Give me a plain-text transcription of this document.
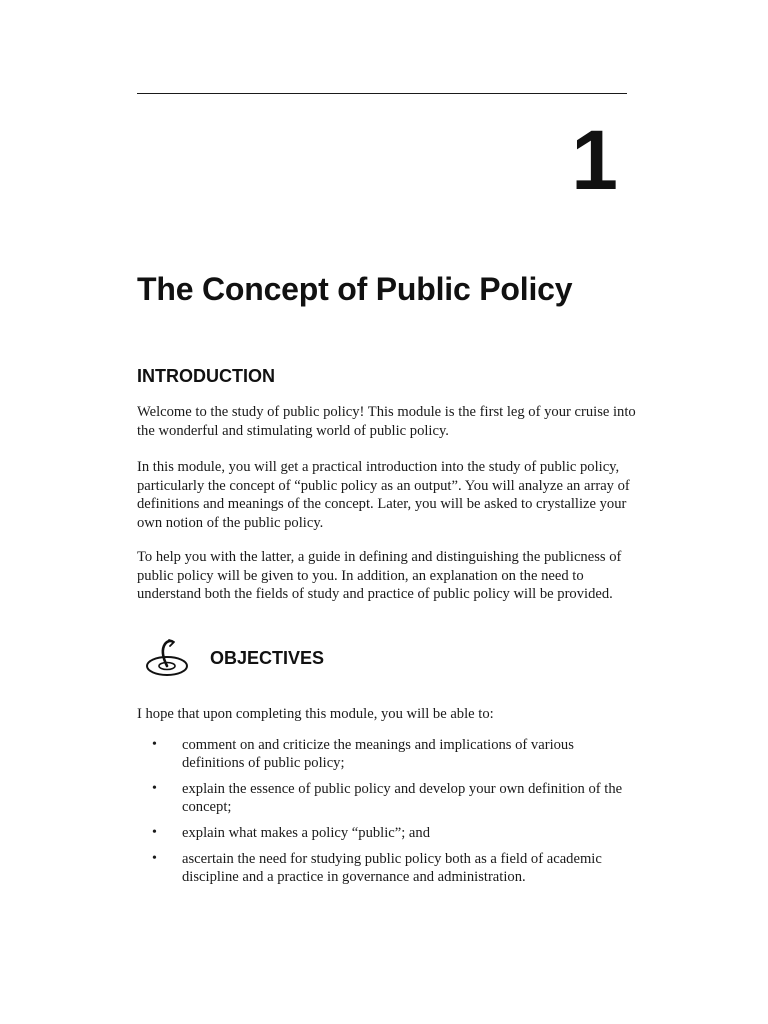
1
The Concept of Public Policy
INTRODUCTION

Welcome to the study of public policy! This module is the first leg of your cruise into the wonderful and stimulating world of public policy.

In this module, you will get a practical introduction into the study of public policy, particularly the concept of “public policy as an output”. You will analyze an array of definitions and meanings of the concept. Later, you will be asked to crystallize your own notion of the public policy.

To help you with the latter, a guide in defining and distinguishing the publicness of public policy will be given to you. In addition, an explanation on the need to understand both the fields of study and practice of public policy will be provided.

OBJECTIVES

I hope that upon completing this module, you will be able to:

• comment on and criticize the meanings and implications of various definitions of public policy;
• explain the essence of public policy and develop your own definition of the concept;
• explain what makes a policy “public”; and
• ascertain the need for studying public policy both as a field of academic discipline and a practice in governance and administration.
